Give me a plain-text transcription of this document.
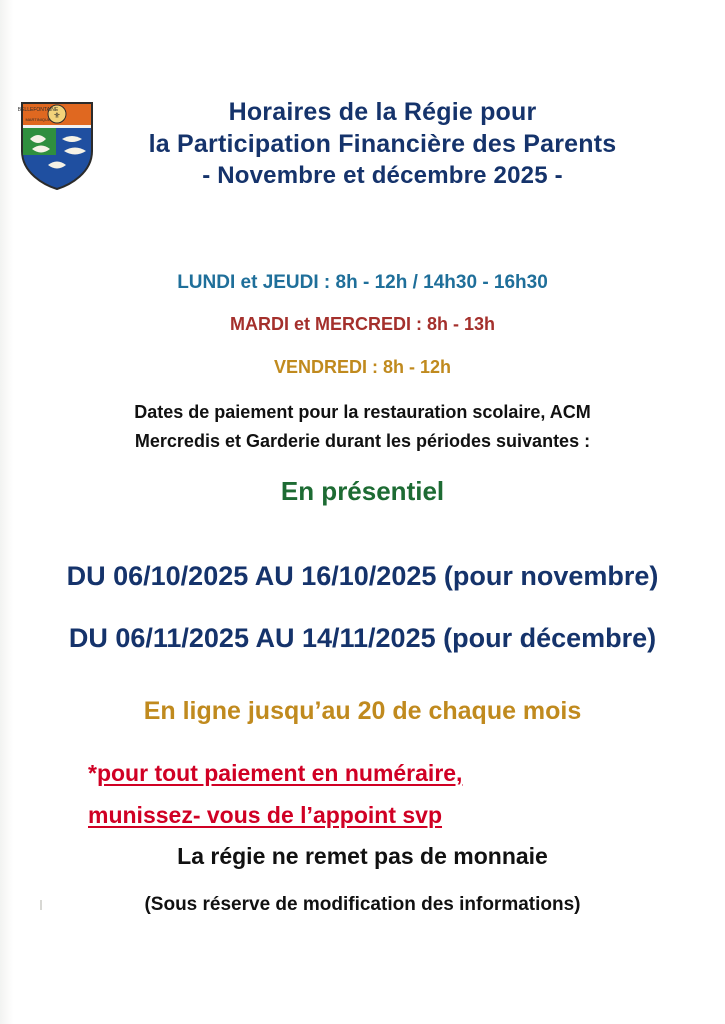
⚜
BELLEFONTAINE
MARTINIQUE	Horaires de la Régie pour
la Participation Financière des Parents
- Novembre et décembre 2025 -
LUNDI et JEUDI : 8h - 12h / 14h30 - 16h30
MARDI et MERCREDI : 8h - 13h
VENDREDI : 8h - 12h
Dates de paiement pour la restauration scolaire, ACM
Mercredis et Garderie durant les périodes suivantes :
En présentiel
DU 06/10/2025 AU 16/10/2025 (pour novembre)
DU 06/11/2025 AU 14/11/2025 (pour décembre)
En ligne jusqu’au 20 de chaque mois
*pour tout paiement en numéraire,
munissez- vous de l’appoint svp
La régie ne remet pas de monnaie
(Sous réserve de modification des informations)
